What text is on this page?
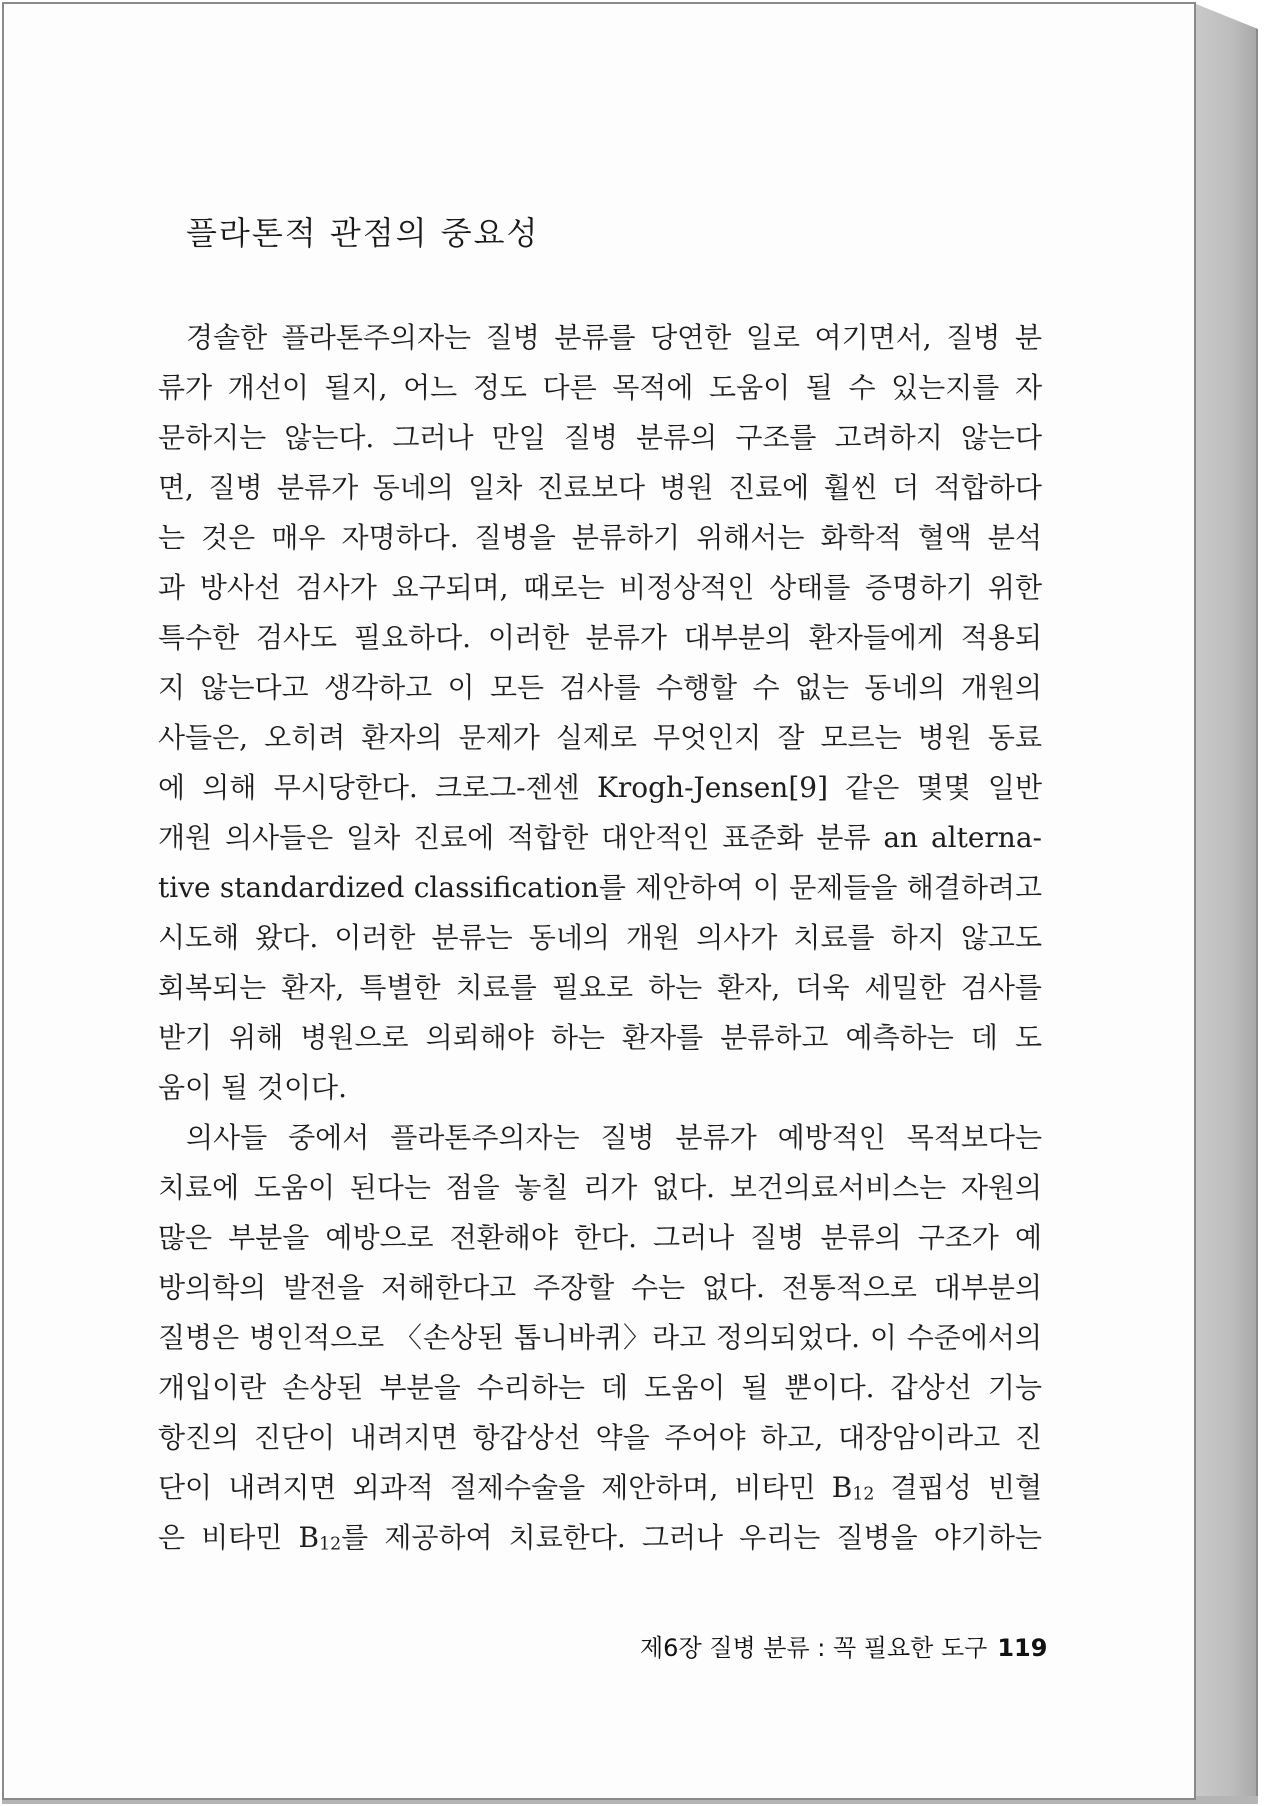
플라톤적 관점의 중요성
경솔한 플라톤주의자는 질병 분류를 당연한 일로 여기면서, 질병 분
류가 개선이 될지, 어느 정도 다른 목적에 도움이 될 수 있는지를 자
문하지는 않는다. 그러나 만일 질병 분류의 구조를 고려하지 않는다
면, 질병 분류가 동네의 일차 진료보다 병원 진료에 훨씬 더 적합하다
는 것은 매우 자명하다. 질병을 분류하기 위해서는 화학적 혈액 분석
과 방사선 검사가 요구되며, 때로는 비정상적인 상태를 증명하기 위한
특수한 검사도 필요하다. 이러한 분류가 대부분의 환자들에게 적용되
지 않는다고 생각하고 이 모든 검사를 수행할 수 없는 동네의 개원의
사들은, 오히려 환자의 문제가 실제로 무엇인지 잘 모르는 병원 동료
에 의해 무시당한다. 크로그-젠센 Krogh-Jensen[9] 같은 몇몇 일반
개원 의사들은 일차 진료에 적합한 대안적인 표준화 분류 an alterna-
tive standardized classification를 제안하여 이 문제들을 해결하려고
시도해 왔다. 이러한 분류는 동네의 개원 의사가 치료를 하지 않고도
회복되는 환자, 특별한 치료를 필요로 하는 환자, 더욱 세밀한 검사를
받기 위해 병원으로 의뢰해야 하는 환자를 분류하고 예측하는 데 도
움이 될 것이다.
의사들 중에서 플라톤주의자는 질병 분류가 예방적인 목적보다는
치료에 도움이 된다는 점을 놓칠 리가 없다. 보건의료서비스는 자원의
많은 부분을 예방으로 전환해야 한다. 그러나 질병 분류의 구조가 예
방의학의 발전을 저해한다고 주장할 수는 없다. 전통적으로 대부분의
질병은 병인적으로 〈손상된 톱니바퀴〉라고 정의되었다. 이 수준에서의
개입이란 손상된 부분을 수리하는 데 도움이 될 뿐이다. 갑상선 기능
항진의 진단이 내려지면 항갑상선 약을 주어야 하고, 대장암이라고 진
단이 내려지면 외과적 절제수술을 제안하며, 비타민 $B_{12}$ 결핍성 빈혈
은 비타민 $B_{12}$를 제공하여 치료한다. 그러나 우리는 질병을 야기하는
제6장 질병 분류 : 꼭 필요한 도구 119
